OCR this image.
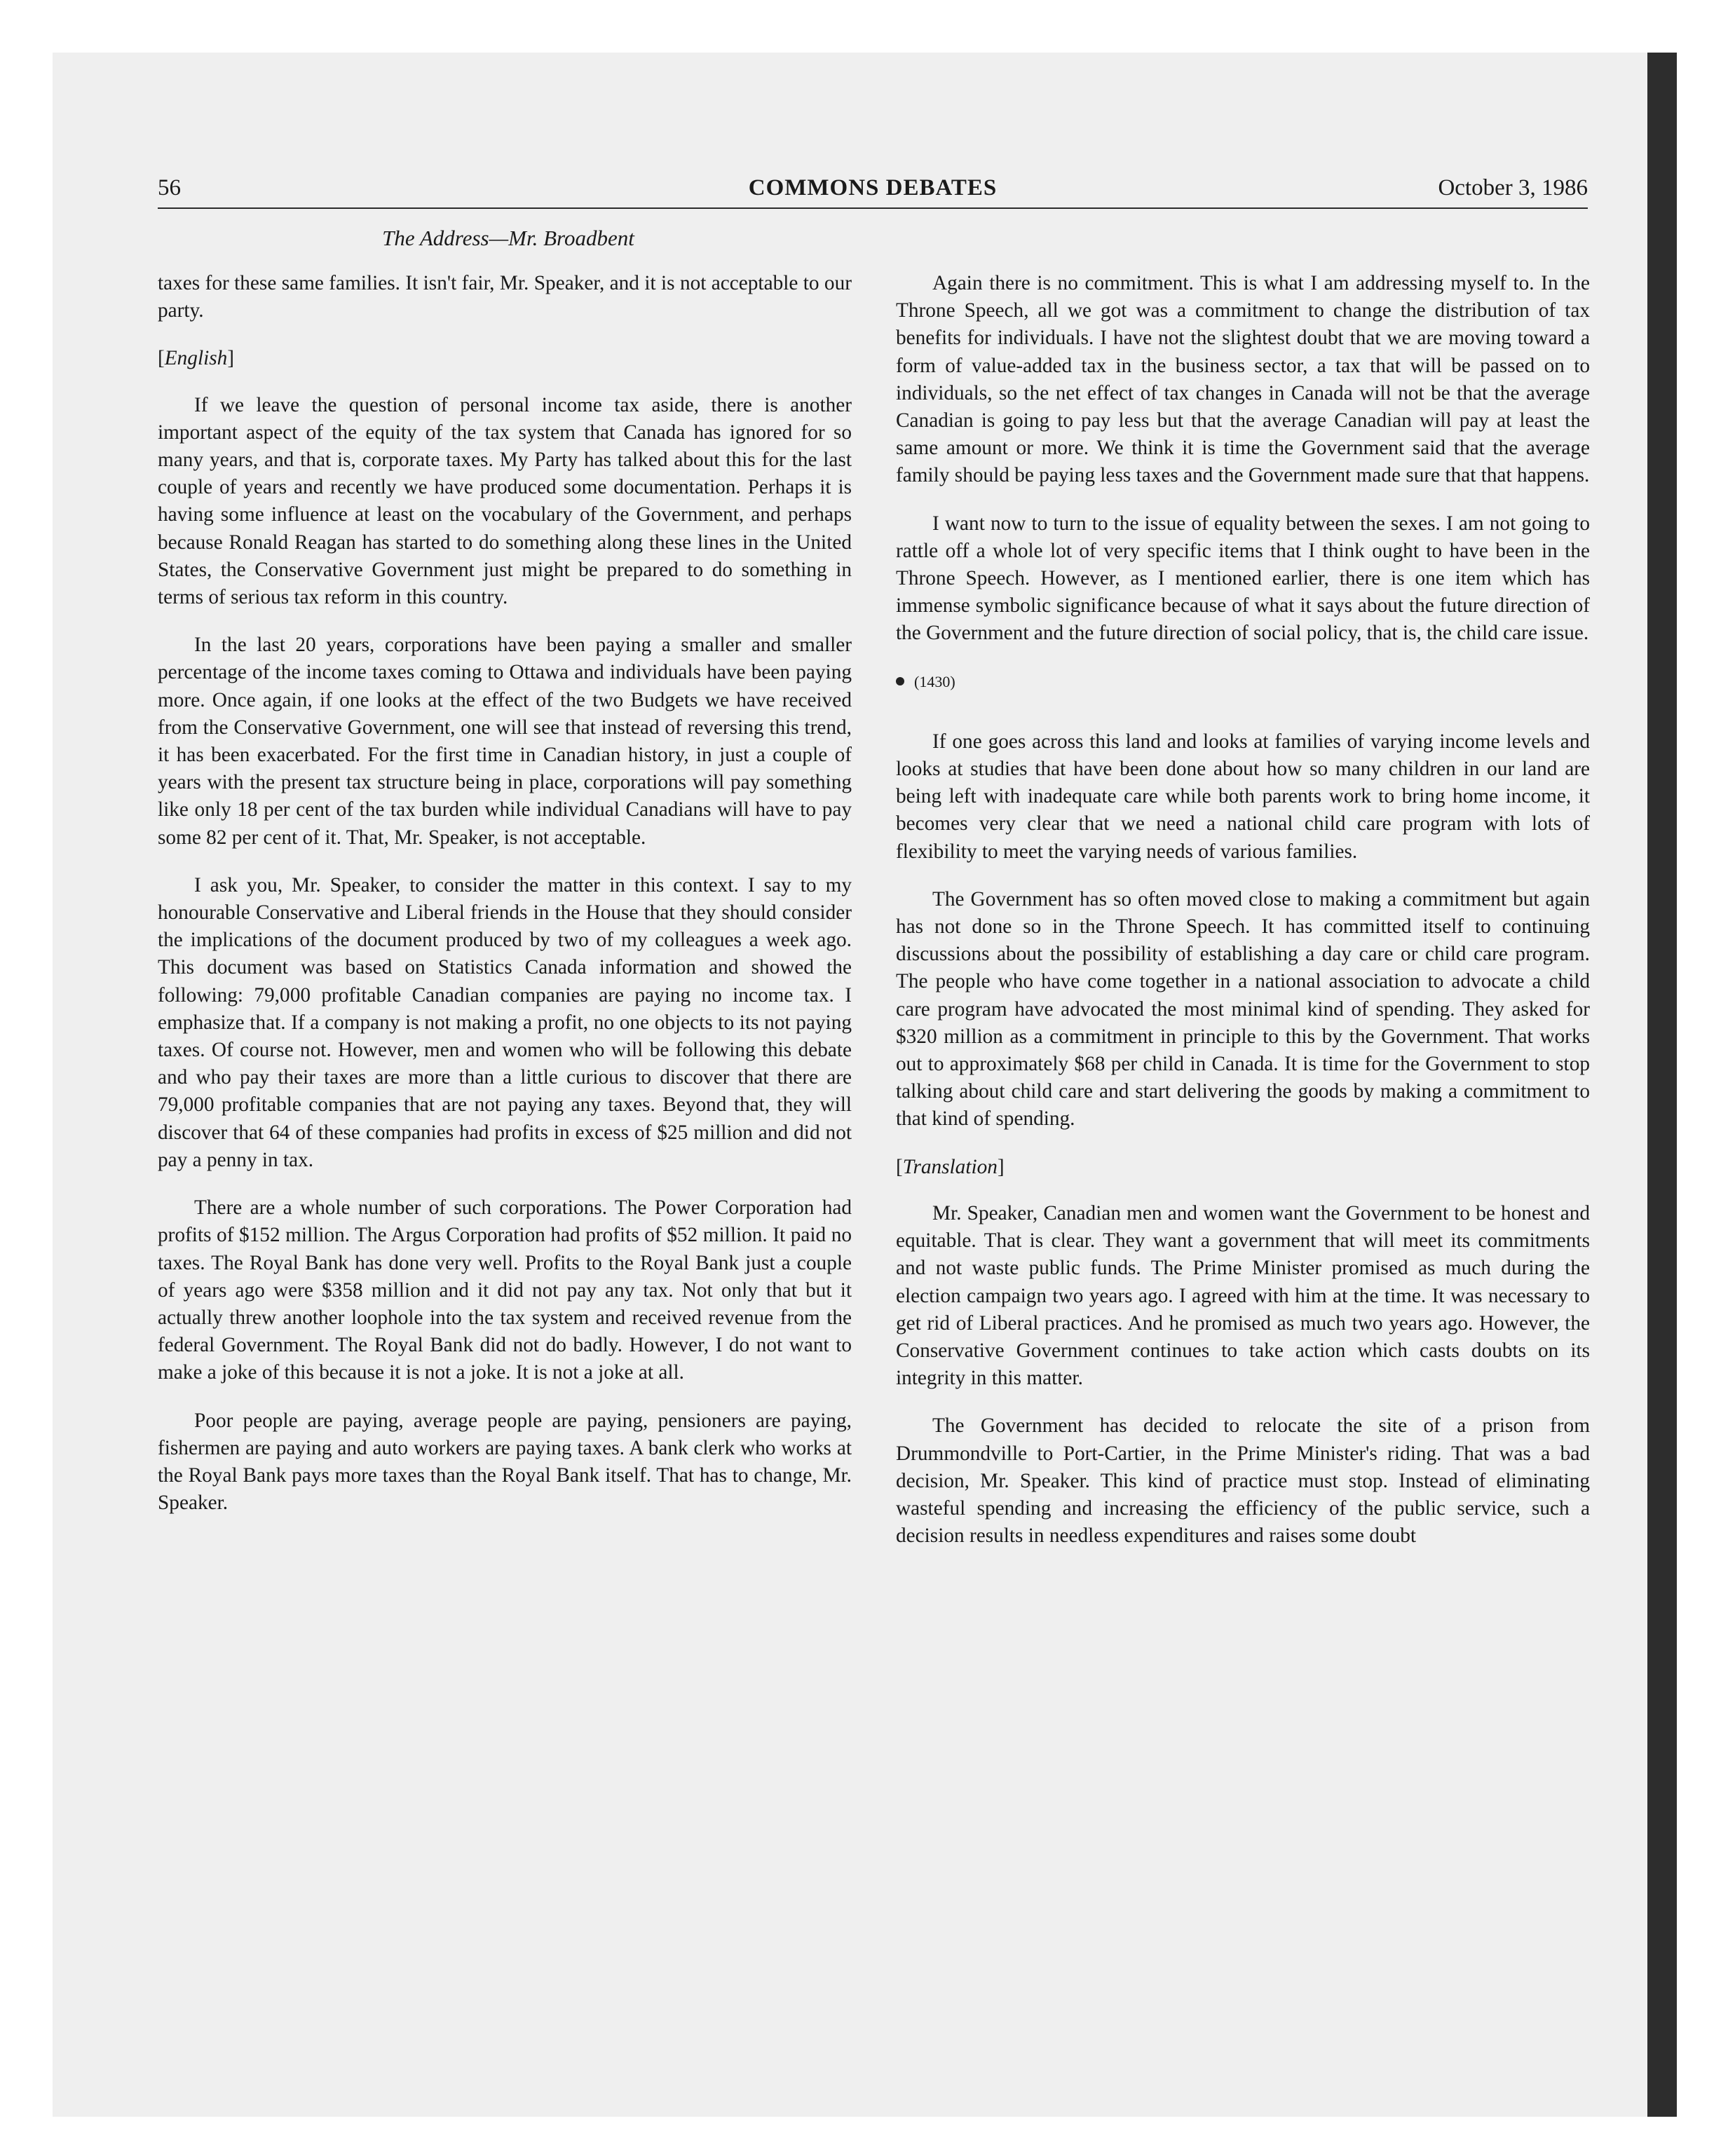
56	COMMONS DEBATES	October 3, 1986
The Address—Mr. Broadbent

taxes for these same families. It isn't fair, Mr. Speaker, and it is not acceptable to our party.

[English]

If we leave the question of personal income tax aside, there is another important aspect of the equity of the tax system that Canada has ignored for so many years, and that is, corporate taxes. My Party has talked about this for the last couple of years and recently we have produced some documentation. Perhaps it is having some influence at least on the vocabulary of the Government, and perhaps because Ronald Reagan has started to do something along these lines in the United States, the Conservative Government just might be prepared to do something in terms of serious tax reform in this country.

In the last 20 years, corporations have been paying a smaller and smaller percentage of the income taxes coming to Ottawa and individuals have been paying more. Once again, if one looks at the effect of the two Budgets we have received from the Conservative Government, one will see that instead of reversing this trend, it has been exacerbated. For the first time in Canadian history, in just a couple of years with the present tax structure being in place, corporations will pay something like only 18 per cent of the tax burden while individual Canadians will have to pay some 82 per cent of it. That, Mr. Speaker, is not acceptable.

I ask you, Mr. Speaker, to consider the matter in this context. I say to my honourable Conservative and Liberal friends in the House that they should consider the implications of the document produced by two of my colleagues a week ago. This document was based on Statistics Canada information and showed the following: 79,000 profitable Canadian companies are paying no income tax. I emphasize that. If a company is not making a profit, no one objects to its not paying taxes. Of course not. However, men and women who will be following this debate and who pay their taxes are more than a little curious to discover that there are 79,000 profitable companies that are not paying any taxes. Beyond that, they will discover that 64 of these companies had profits in excess of $25 million and did not pay a penny in tax.

There are a whole number of such corporations. The Power Corporation had profits of $152 million. The Argus Corporation had profits of $52 million. It paid no taxes. The Royal Bank has done very well. Profits to the Royal Bank just a couple of years ago were $358 million and it did not pay any tax. Not only that but it actually threw another loophole into the tax system and received revenue from the federal Government. The Royal Bank did not do badly. However, I do not want to make a joke of this because it is not a joke. It is not a joke at all.

Poor people are paying, average people are paying, pensioners are paying, fishermen are paying and auto workers are paying taxes. A bank clerk who works at the Royal Bank pays more taxes than the Royal Bank itself. That has to change, Mr. Speaker.

Again there is no commitment. This is what I am addressing myself to. In the Throne Speech, all we got was a commitment to change the distribution of tax benefits for individuals. I have not the slightest doubt that we are moving toward a form of value-added tax in the business sector, a tax that will be passed on to individuals, so the net effect of tax changes in Canada will not be that the average Canadian is going to pay less but that the average Canadian will pay at least the same amount or more. We think it is time the Government said that the average family should be paying less taxes and the Government made sure that that happens.

I want now to turn to the issue of equality between the sexes. I am not going to rattle off a whole lot of very specific items that I think ought to have been in the Throne Speech. However, as I mentioned earlier, there is one item which has immense symbolic significance because of what it says about the future direction of the Government and the future direction of social policy, that is, the child care issue.

(1430)

If one goes across this land and looks at families of varying income levels and looks at studies that have been done about how so many children in our land are being left with inadequate care while both parents work to bring home income, it becomes very clear that we need a national child care program with lots of flexibility to meet the varying needs of various families.

The Government has so often moved close to making a commitment but again has not done so in the Throne Speech. It has committed itself to continuing discussions about the possibility of establishing a day care or child care program. The people who have come together in a national association to advocate a child care program have advocated the most minimal kind of spending. They asked for $320 million as a commitment in principle to this by the Government. That works out to approximately $68 per child in Canada. It is time for the Government to stop talking about child care and start delivering the goods by making a commitment to that kind of spending.

[Translation]

Mr. Speaker, Canadian men and women want the Government to be honest and equitable. That is clear. They want a government that will meet its commitments and not waste public funds. The Prime Minister promised as much during the election campaign two years ago. I agreed with him at the time. It was necessary to get rid of Liberal practices. And he promised as much two years ago. However, the Conservative Government continues to take action which casts doubts on its integrity in this matter.

The Government has decided to relocate the site of a prison from Drummondville to Port-Cartier, in the Prime Minister's riding. That was a bad decision, Mr. Speaker. This kind of practice must stop. Instead of eliminating wasteful spending and increasing the efficiency of the public service, such a decision results in needless expenditures and raises some doubt
